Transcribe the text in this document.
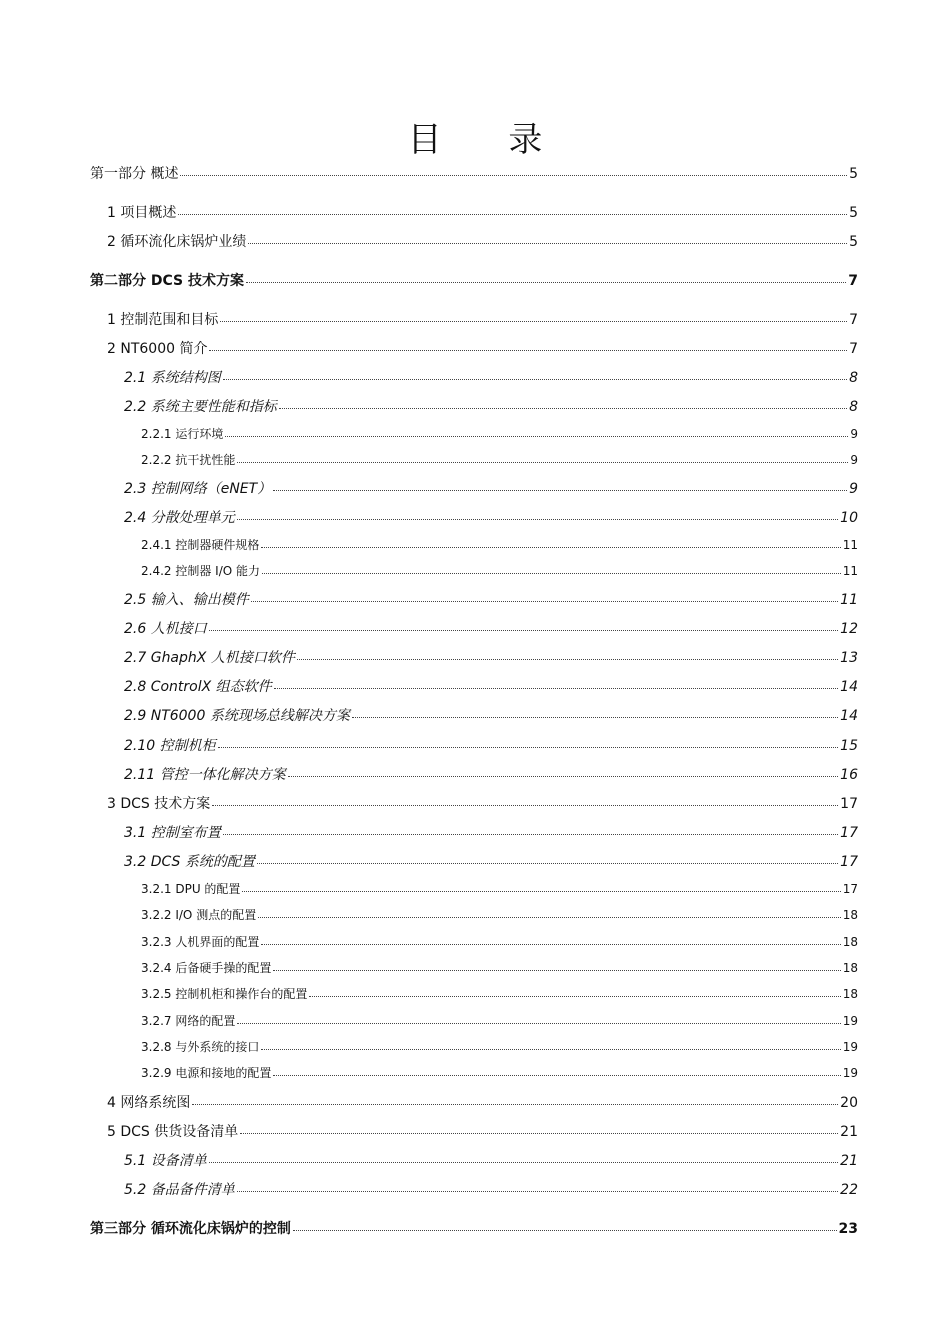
目 录
第一部分 概述	5
1 项目概述	5
2 循环流化床锅炉业绩	5
第二部分 DCS 技术方案	7
1 控制范围和目标	7
2 NT6000 简介	7
2.1 系统结构图	8
2.2 系统主要性能和指标	8
2.2.1 运行环境	9
2.2.2 抗干扰性能	9
2.3 控制网络（eNET）	9
2.4 分散处理单元	10
2.4.1 控制器硬件规格	11
2.4.2 控制器 I/O 能力	11
2.5 输入、输出模件	11
2.6 人机接口	12
2.7 GhaphX 人机接口软件	13
2.8 ControlX 组态软件	14
2.9 NT6000 系统现场总线解决方案	14
2.10 控制机柜	15
2.11 管控一体化解决方案	16
3 DCS 技术方案	17
3.1 控制室布置	17
3.2 DCS 系统的配置	17
3.2.1 DPU 的配置	17
3.2.2 I/O 测点的配置	18
3.2.3 人机界面的配置	18
3.2.4 后备硬手操的配置	18
3.2.5 控制机柜和操作台的配置	18
3.2.7 网络的配置	19
3.2.8 与外系统的接口	19
3.2.9 电源和接地的配置	19
4 网络系统图	20
5 DCS 供货设备清单	21
5.1 设备清单	21
5.2 备品备件清单	22
第三部分 循环流化床锅炉的控制	23
